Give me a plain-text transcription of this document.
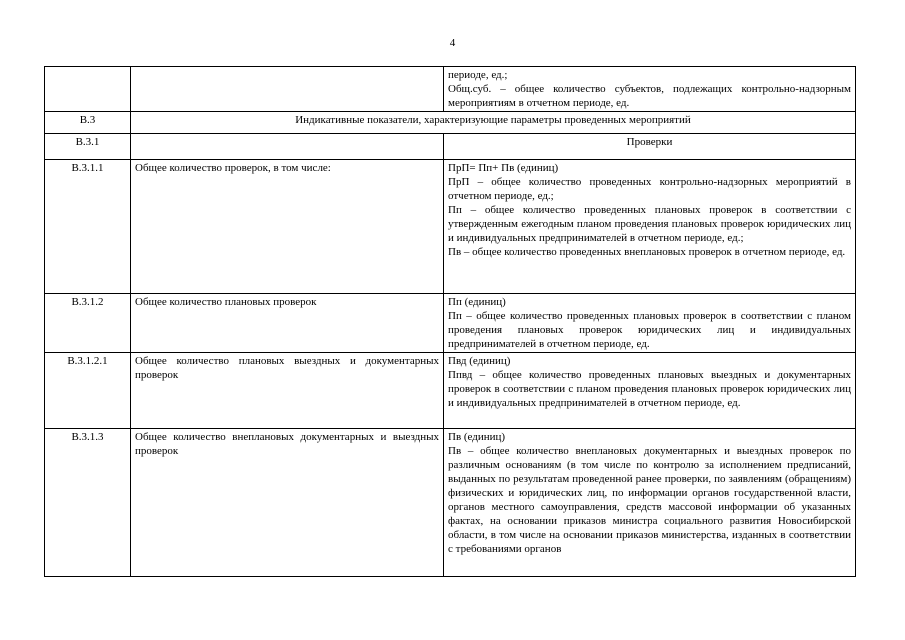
4

		периоде, ед.;
Общ.суб. – общее количество субъектов, подлежащих контрольно-надзорным мероприятиям в отчетном периоде, ед.

В.3	Индикативные показатели, характеризующие параметры проведенных мероприятий	
В.3.1		Проверки
В.3.1.1	Общее количество проверок, в том числе:	ПрП= Пп+ Пв (единиц)
ПрП – общее количество проведенных контрольно-надзорных мероприятий в отчетном периоде, ед.;
Пп – общее количество проведенных плановых проверок в соответствии с утвержденным ежегодным планом проведения плановых проверок юридических лиц и индивидуальных предпринимателей в отчетном периоде, ед.;
Пв – общее количество проведенных внеплановых проверок в отчетном периоде, ед.

В.3.1.2	Общее количество плановых проверок	Пп (единиц)
Пп – общее количество проведенных плановых проверок в соответствии с планом проведения плановых проверок юридических лиц и индивидуальных предпринимателей в отчетном периоде, ед.

В.3.1.2.1	Общее количество плановых выездных и документарных проверок	Пвд (единиц)
Ппвд – общее количество проведенных плановых выездных и документарных проверок в соответствии с планом проведения плановых проверок юридических лиц и индивидуальных предпринимателей в отчетном периоде, ед.

В.3.1.3	Общее количество внеплановых документарных и выездных проверок	Пв (единиц)
Пв – общее количество внеплановых документарных и выездных проверок по различным основаниям (в том числе по контролю за исполнением предписаний, выданных по результатам проведенной ранее проверки, по заявлениям (обращениям) физических и юридических лиц, по информации органов государственной власти, органов местного самоуправления, средств массовой информации об указанных фактах, на основании приказов министра социального развития Новосибирской области, в том числе на основании приказов министерства, изданных в соответствии с требованиями органов
